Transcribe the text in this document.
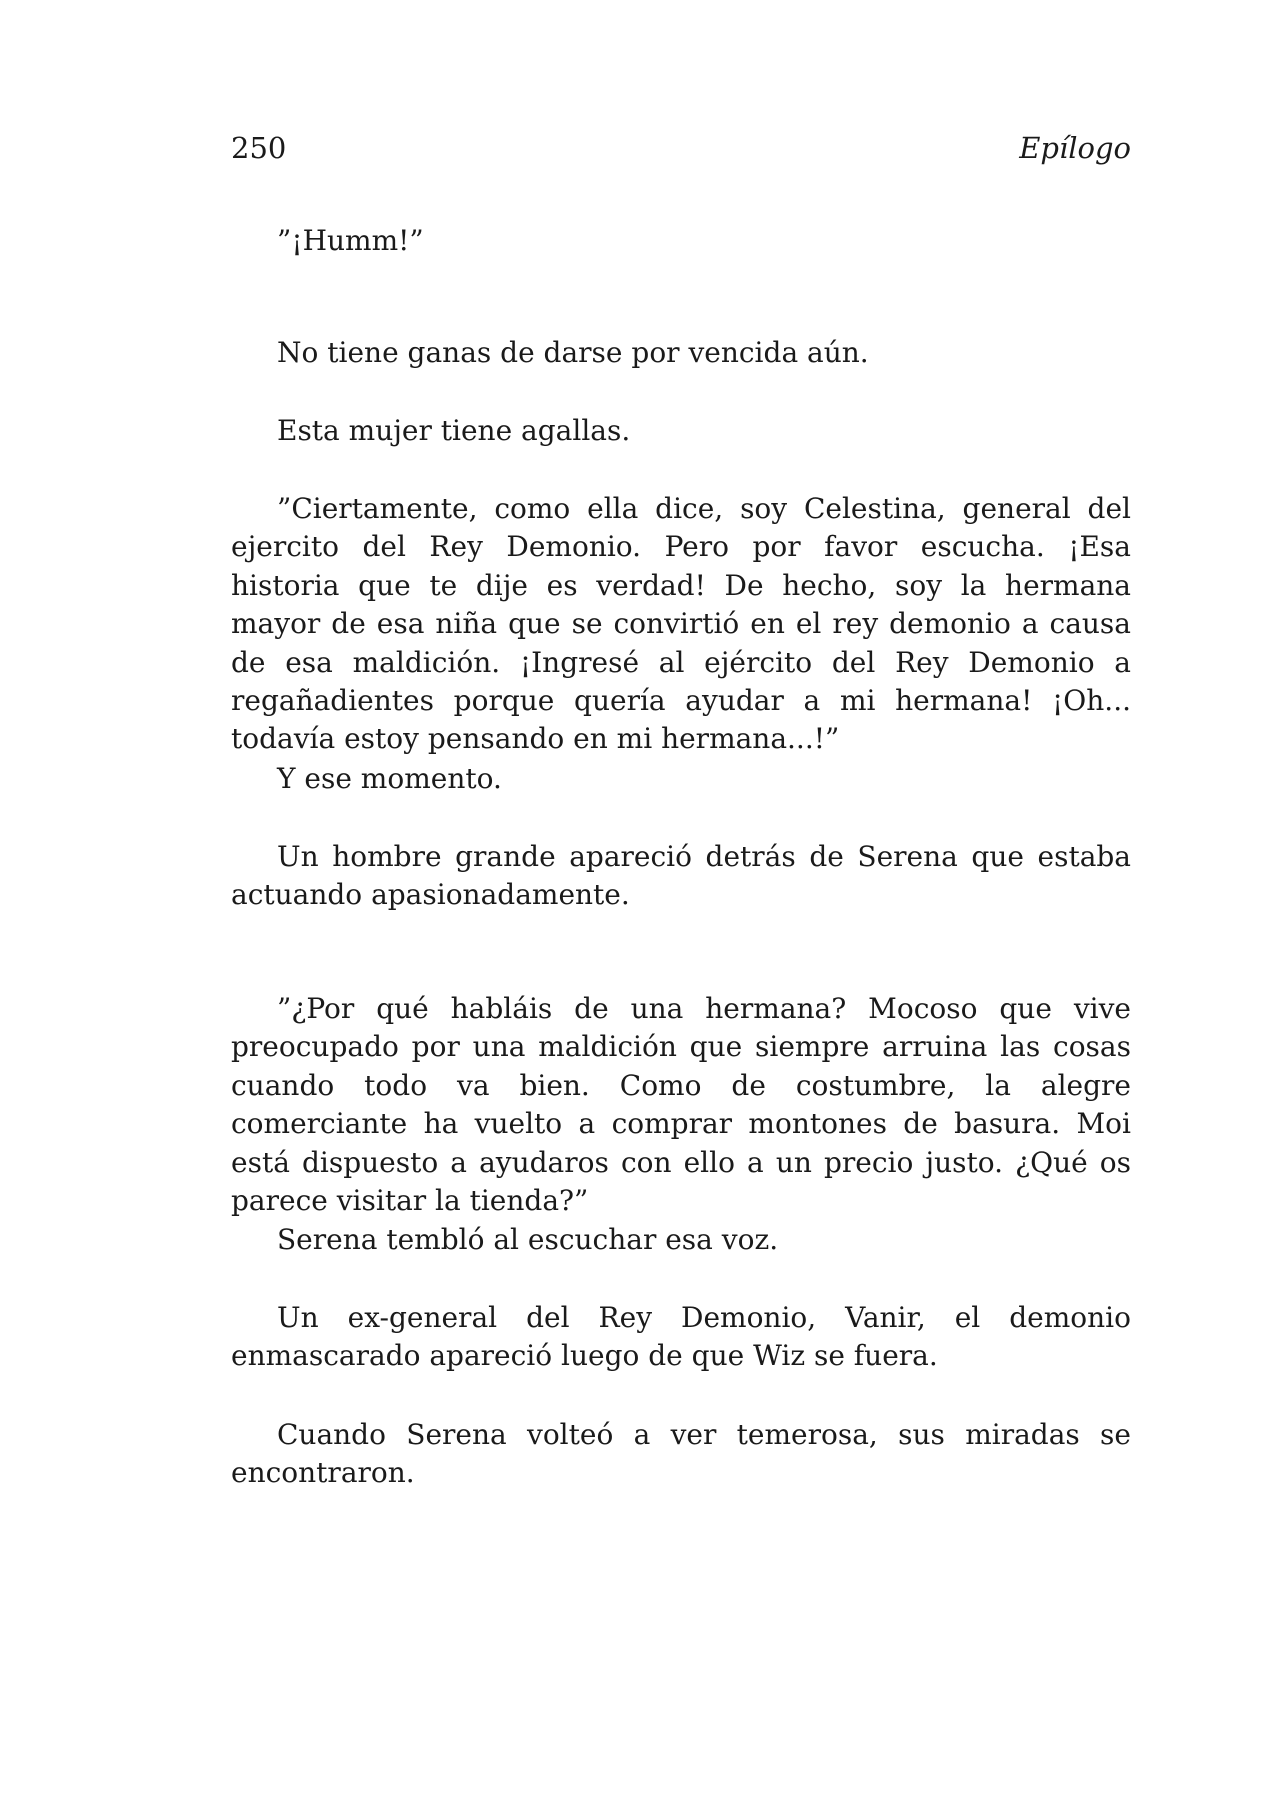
250	Epílogo

”¡Humm!”

No tiene ganas de darse por vencida aún.

Esta mujer tiene agallas.

”Ciertamente, como ella dice, soy Celestina, general del ejercito del Rey Demonio. Pero por favor escucha. ¡Esa historia que te dije es verdad! De hecho, soy la hermana mayor de esa niña que se convirtió en el rey demonio a causa de esa maldición. ¡Ingresé al ejército del Rey Demonio a regañadientes porque quería ayudar a mi hermana! ¡Oh... todavía estoy pensando en mi hermana...!”

Y ese momento.

Un hombre grande apareció detrás de Serena que estaba actuando apasionadamente.

”¿Por qué habláis de una hermana? Mocoso que vive preocupado por una maldición que siempre arruina las cosas cuando todo va bien. Como de costumbre, la alegre comerciante ha vuelto a comprar montones de basura. Moi está dispuesto a ayudaros con ello a un precio justo. ¿Qué os parece visitar la tienda?”

Serena tembló al escuchar esa voz.

Un ex-general del Rey Demonio, Vanir, el demonio enmascarado apareció luego de que Wiz se fuera.

Cuando Serena volteó a ver temerosa, sus miradas se encontraron.
